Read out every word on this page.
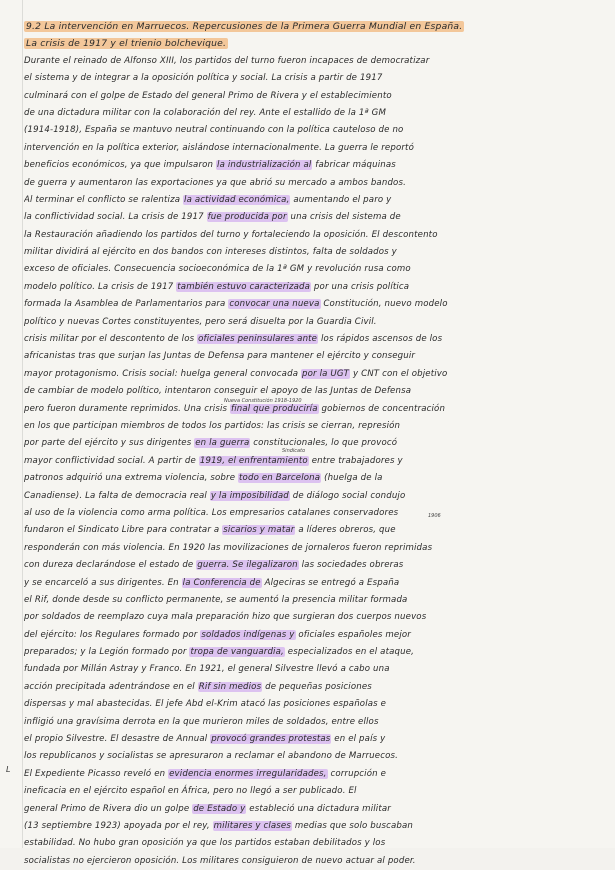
9.2 La intervención en Marruecos. Repercusiones de la Primera Guerra Mundial en España.
La crisis de 1917 y el trienio bolchevique.
Durante el reinado de Alfonso XIII, los partidos del turno fueron incapaces de democratizar
el sistema y de integrar a la oposición política y social. La crisis a partir de 1917
culminará con el golpe de Estado del general Primo de Rivera y el establecimiento
de una dictadura militar con la colaboración del rey. Ante el estallido de la 1ª GM
(1914-1918), España se mantuvo neutral continuando con la política cauteloso de no
intervención en la política exterior, aislándose internacionalmente. La guerra le reportó
beneficios económicos, ya que impulsaron la industrialización al fabricar máquinas
de guerra y aumentaron las exportaciones ya que abrió su mercado a ambos bandos.
Al terminar el conflicto se ralentiza la actividad económica, aumentando el paro y
la conflictividad social. La crisis de 1917 fue producida por una crisis del sistema de
la Restauración añadiendo los partidos del turno y fortaleciendo la oposición. El descontento
militar dividirá al ejército en dos bandos con intereses distintos, falta de soldados y
exceso de oficiales. Consecuencia socioeconómica de la 1ª GM y revolución rusa como
modelo político. La crisis de 1917 también estuvo caracterizada por una crisis política
formada la Asamblea de Parlamentarios para convocar una nueva Constitución, nuevo modelo
político y nuevas Cortes constituyentes, pero será disuelta por la Guardia Civil.
crisis militar por el descontento de los oficiales peninsulares ante los rápidos ascensos de los
africanistas tras que surjan las Juntas de Defensa para mantener el ejército y conseguir
mayor protagonismo. Crisis social: huelga general convocada por la UGT y CNT con el objetivo
de cambiar de modelo político, intentaron conseguir el apoyo de las Juntas de Defensa
pero fueron duramente reprimidos. Una crisis final que produciría gobiernos de concentración
en los que participan miembros de todos los partidos: las crisis se cierran, represión
por parte del ejército y sus dirigentes en la guerra constitucionales, lo que provocó
mayor conflictividad social. A partir de 1919, el enfrentamiento entre trabajadores y
patronos adquirió una extrema violencia, sobre todo en Barcelona (huelga de la
Canadiense). La falta de democracia real y la imposibilidad de diálogo social condujo
al uso de la violencia como arma política. Los empresarios catalanes conservadores
fundaron el Sindicato Libre para contratar a sicarios y matar a líderes obreros, que
responderán con más violencia. En 1920 las movilizaciones de jornaleros fueron reprimidas
con dureza declarándose el estado de guerra. Se ilegalizaron las sociedades obreras
y se encarceló a sus dirigentes. En la Conferencia de Algeciras se entregó a España
el Rif, donde desde su conflicto permanente, se aumentó la presencia militar formada
por soldados de reemplazo cuya mala preparación hizo que surgieran dos cuerpos nuevos
del ejército: los Regulares formado por soldados indígenas y oficiales españoles mejor
preparados; y la Legión formado por tropa de vanguardia, especializados en el ataque,
fundada por Millán Astray y Franco. En 1921, el general Silvestre llevó a cabo una
acción precipitada adentrándose en el Rif sin medios de pequeñas posiciones
dispersas y mal abastecidas. El jefe Abd el-Krim atacó las posiciones españolas e
infligió una gravísima derrota en la que murieron miles de soldados, entre ellos
el propio Silvestre. El desastre de Annual provocó grandes protestas en el país y
los republicanos y socialistas se apresuraron a reclamar el abandono de Marruecos.
El Expediente Picasso reveló en evidencia enormes irregularidades, corrupción e
ineficacia en el ejército español en África, pero no llegó a ser publicado. El
general Primo de Rivera dio un golpe de Estado y estableció una dictadura militar
(13 septiembre 1923) apoyada por el rey, militares y clases medias que solo buscaban
estabilidad. No hubo gran oposición ya que los partidos estaban debilitados y los
socialistas no ejercieron oposición. Los militares consiguieron de nuevo actuar al poder.
Nueva Constitución 1918-1920
Sindicato
1906
L
